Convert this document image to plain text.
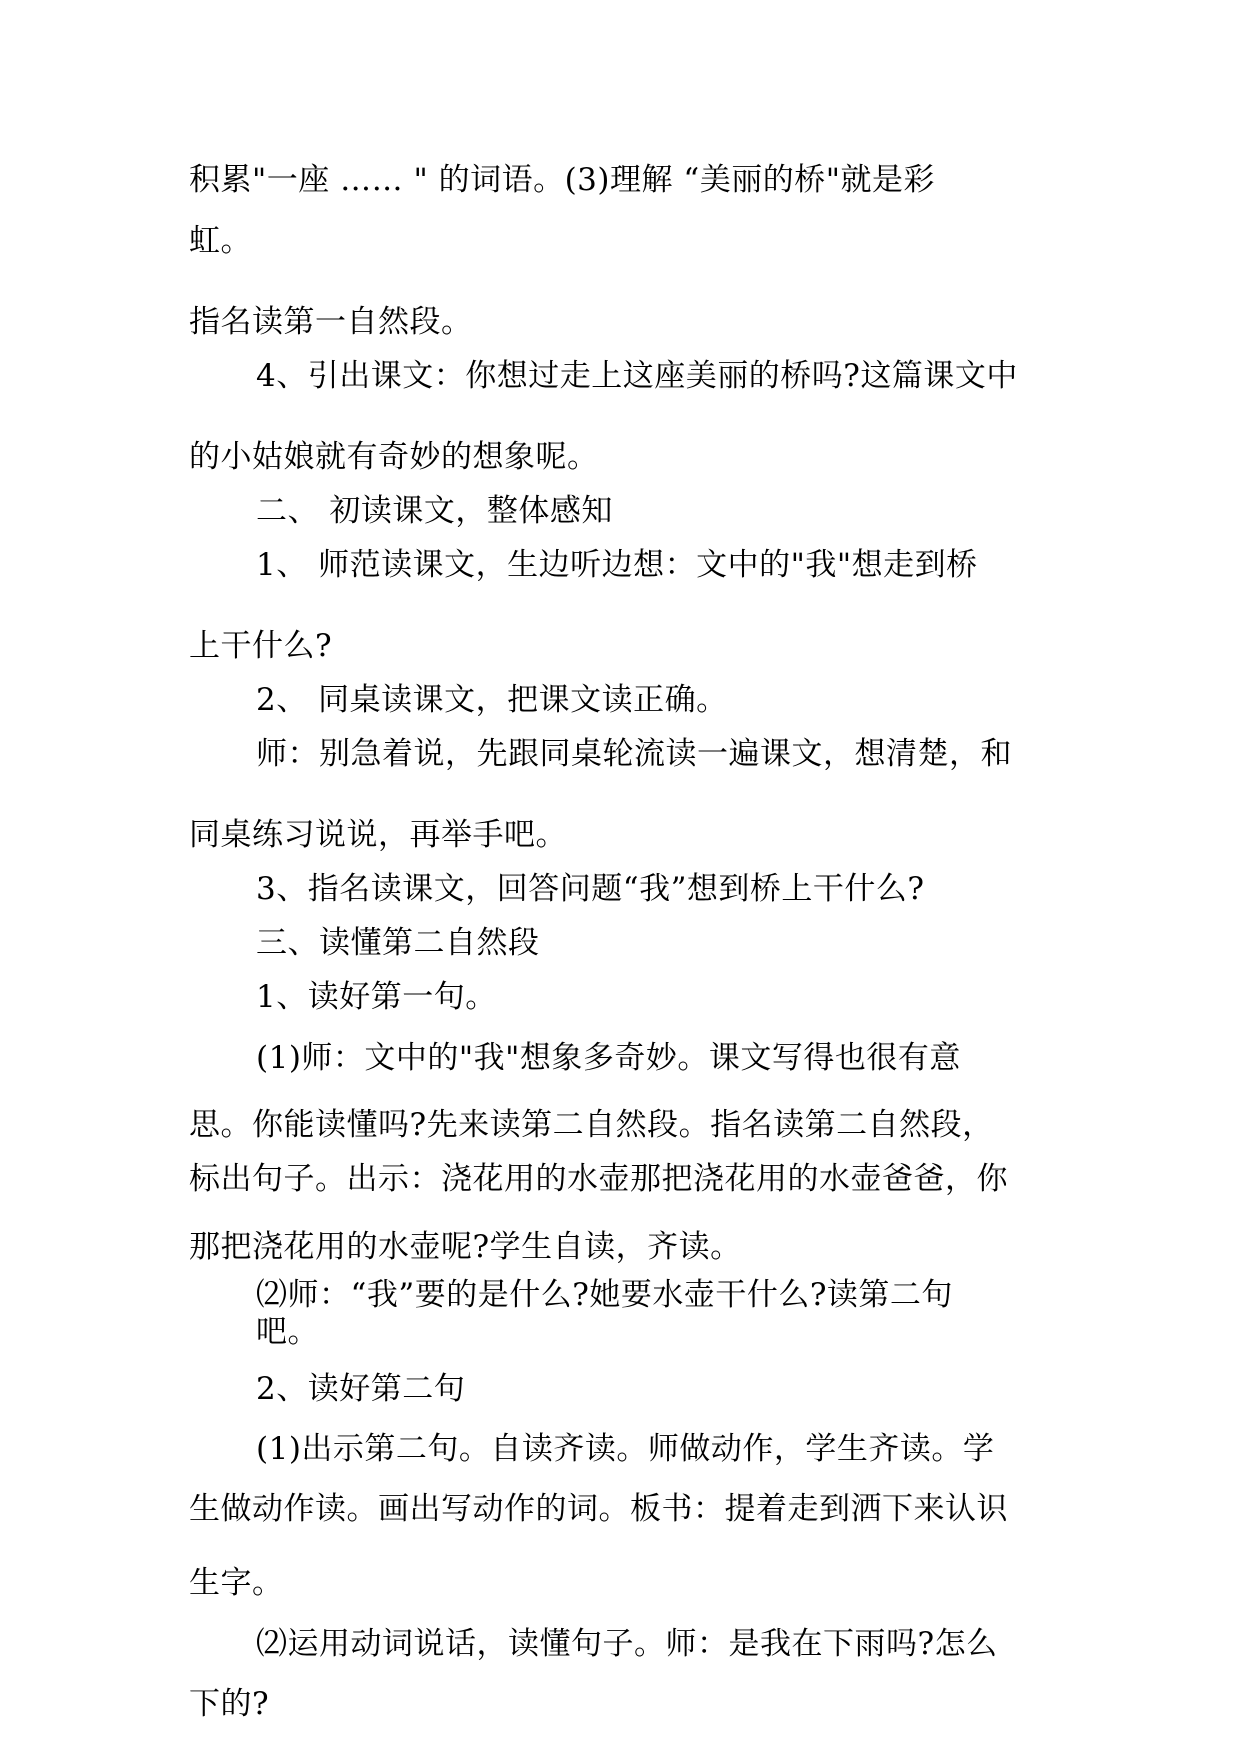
积累"一座 …… " 的词语。(3)理解 “美丽的桥"就是彩

虹。

指名读第一自然段。

4、引出课文：你想过走上这座美丽的桥吗?这篇课文中

的小姑娘就有奇妙的想象呢。

二、 初读课文，整体感知

1、 师范读课文，生边听边想：文中的"我"想走到桥

上干什么?

2、 同桌读课文，把课文读正确。

师：别急着说，先跟同桌轮流读一遍课文，想清楚，和

同桌练习说说，再举手吧。

3、指名读课文，回答问题“我”想到桥上干什么?

三、读懂第二自然段

1、读好第一句。

(1)师：文中的"我"想象多奇妙。课文写得也很有意

思。你能读懂吗?先来读第二自然段。指名读第二自然段，

标出句子。出示：浇花用的水壶那把浇花用的水壶爸爸，你

那把浇花用的水壶呢?学生自读，齐读。

⑵师：“我”要的是什么?她要水壶干什么?读第二句

吧。

2、读好第二句

(1)出示第二句。自读齐读。师做动作，学生齐读。学

生做动作读。画出写动作的词。板书：提着走到洒下来认识

生字。

⑵运用动词说话，读懂句子。师：是我在下雨吗?怎么

下的?
